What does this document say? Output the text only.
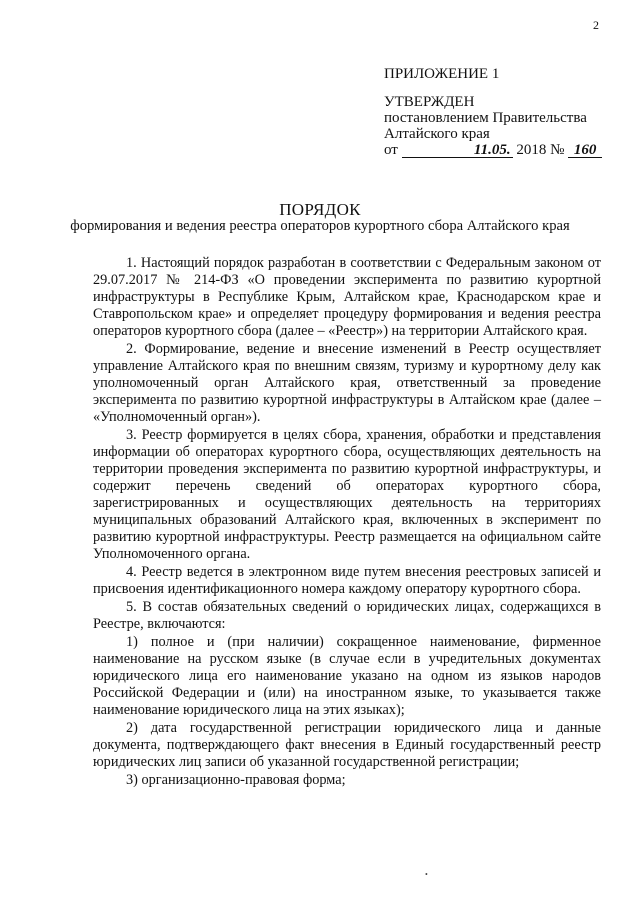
2
ПРИЛОЖЕНИЕ 1
УТВЕРЖДЕН
постановлением Правительства
Алтайского края
от	11.05. 2018 № 160
ПОРЯДОК
формирования и ведения реестра операторов курортного сбора Алтайского края

1. Настоящий порядок разработан в соответствии с Федеральным законом от 29.07.2017 № 214-ФЗ «О проведении эксперимента по развитию курортной инфраструктуры в Республике Крым, Алтайском крае, Краснодарском крае и Ставропольском крае» и определяет процедуру формирования и ведения реестра операторов курортного сбора (далее – «Реестр») на территории Алтайского края.

2. Формирование, ведение и внесение изменений в Реестр осуществляет управление Алтайского края по внешним связям, туризму и курортному делу как уполномоченный орган Алтайского края, ответственный за проведение эксперимента по развитию курортной инфраструктуры в Алтайском крае (далее – «Уполномоченный орган»).

3. Реестр формируется в целях сбора, хранения, обработки и представления информации об операторах курортного сбора, осуществляющих деятельность на территории проведения эксперимента по развитию курортной инфраструктуры, и содержит перечень сведений об операторах курортного сбора, зарегистрированных и осуществляющих деятельность на территориях муниципальных образований Алтайского края, включенных в эксперимент по развитию курортной инфраструктуры. Реестр размещается на официальном сайте Уполномоченного органа.

4. Реестр ведется в электронном виде путем внесения реестровых записей и присвоения идентификационного номера каждому оператору курортного сбора.

5. В состав обязательных сведений о юридических лицах, содержащихся в Реестре, включаются:

1) полное и (при наличии) сокращенное наименование, фирменное наименование на русском языке (в случае если в учредительных документах юридического лица его наименование указано на одном из языков народов Российской Федерации и (или) на иностранном языке, то указывается также наименование юридического лица на этих языках);

2) дата государственной регистрации юридического лица и данные документа, подтверждающего факт внесения в Единый государственный реестр юридических лиц записи об указанной государственной регистрации;

3) организационно-правовая форма;

•
